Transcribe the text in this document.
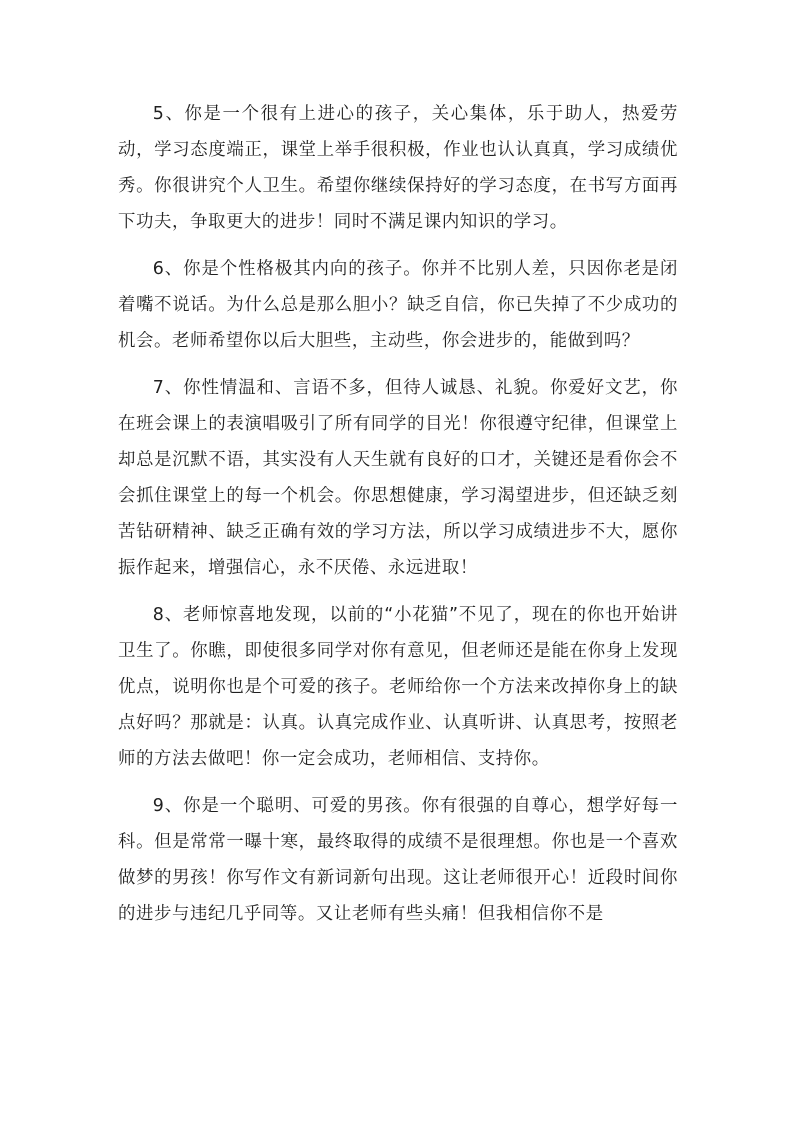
5、你是一个很有上进心的孩子，关心集体，乐于助人，热爱劳动，学习态度端正，课堂上举手很积极，作业也认认真真，学习成绩优秀。你很讲究个人卫生。希望你继续保持好的学习态度，在书写方面再下功夫，争取更大的进步！同时不满足课内知识的学习。

6、你是个性格极其内向的孩子。你并不比别人差，只因你老是闭着嘴不说话。为什么总是那么胆小？缺乏自信，你已失掉了不少成功的机会。老师希望你以后大胆些，主动些，你会进步的，能做到吗？

7、你性情温和、言语不多，但待人诚恳、礼貌。你爱好文艺，你在班会课上的表演唱吸引了所有同学的目光！你很遵守纪律，但课堂上却总是沉默不语，其实没有人天生就有良好的口才，关键还是看你会不会抓住课堂上的每一个机会。你思想健康，学习渴望进步，但还缺乏刻苦钻研精神、缺乏正确有效的学习方法，所以学习成绩进步不大，愿你振作起来，增强信心，永不厌倦、永远进取！

8、老师惊喜地发现，以前的“小花猫”不见了，现在的你也开始讲卫生了。你瞧，即使很多同学对你有意见，但老师还是能在你身上发现优点，说明你也是个可爱的孩子。老师给你一个方法来改掉你身上的缺点好吗？那就是：认真。认真完成作业、认真听讲、认真思考，按照老师的方法去做吧！你一定会成功，老师相信、支持你。

9、你是一个聪明、可爱的男孩。你有很强的自尊心，想学好每一科。但是常常一曝十寒，最终取得的成绩不是很理想。你也是一个喜欢做梦的男孩！你写作文有新词新句出现。这让老师很开心！近段时间你的进步与违纪几乎同等。又让老师有些头痛！但我相信你不是
